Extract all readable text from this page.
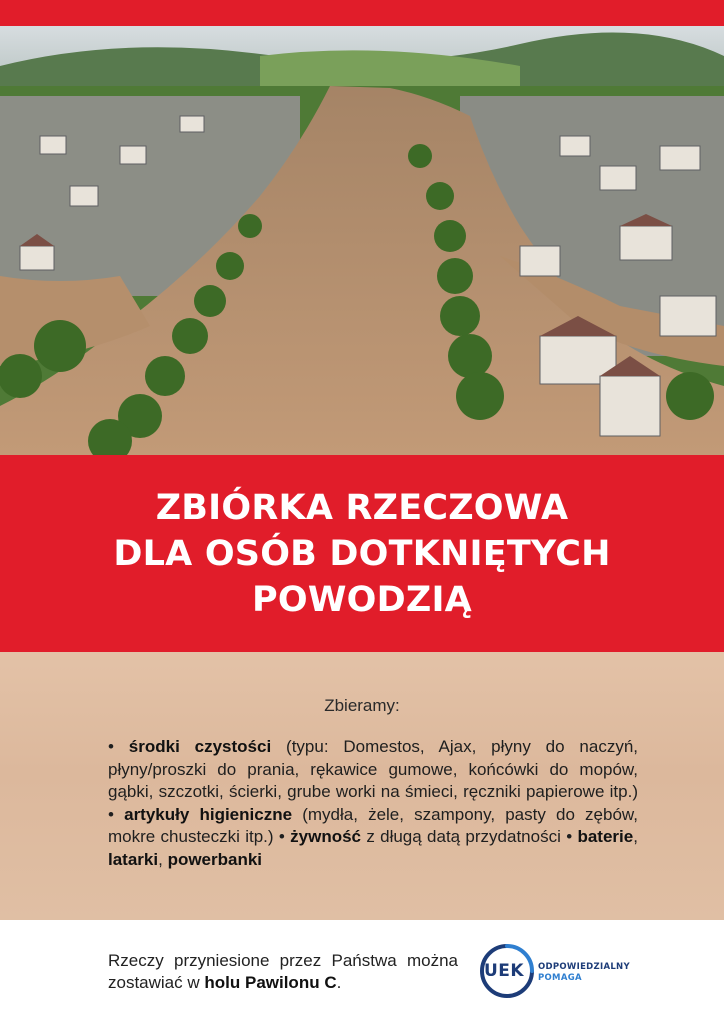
ZBIÓRKA RZECZOWA
DLA OSÓB DOTKNIĘTYCH
POWODZIĄ
Zbieramy:
• środki czystości (typu: Domestos, Ajax, płyny do naczyń, płyny/proszki do prania, rękawice gumowe, końcówki do mopów, gąbki, szczotki, ścierki, grube worki na śmieci, ręczniki papierowe itp.) • artykuły higieniczne (mydła, żele, szampony, pasty do zębów, mokre chusteczki itp.) • żywność z długą datą przydatności • baterie, latarki, powerbanki
Rzeczy przyniesione przez Państwa można zostawiać w holu Pawilonu C.
UEK ODPOWIEDZIALNY
POMAGA
